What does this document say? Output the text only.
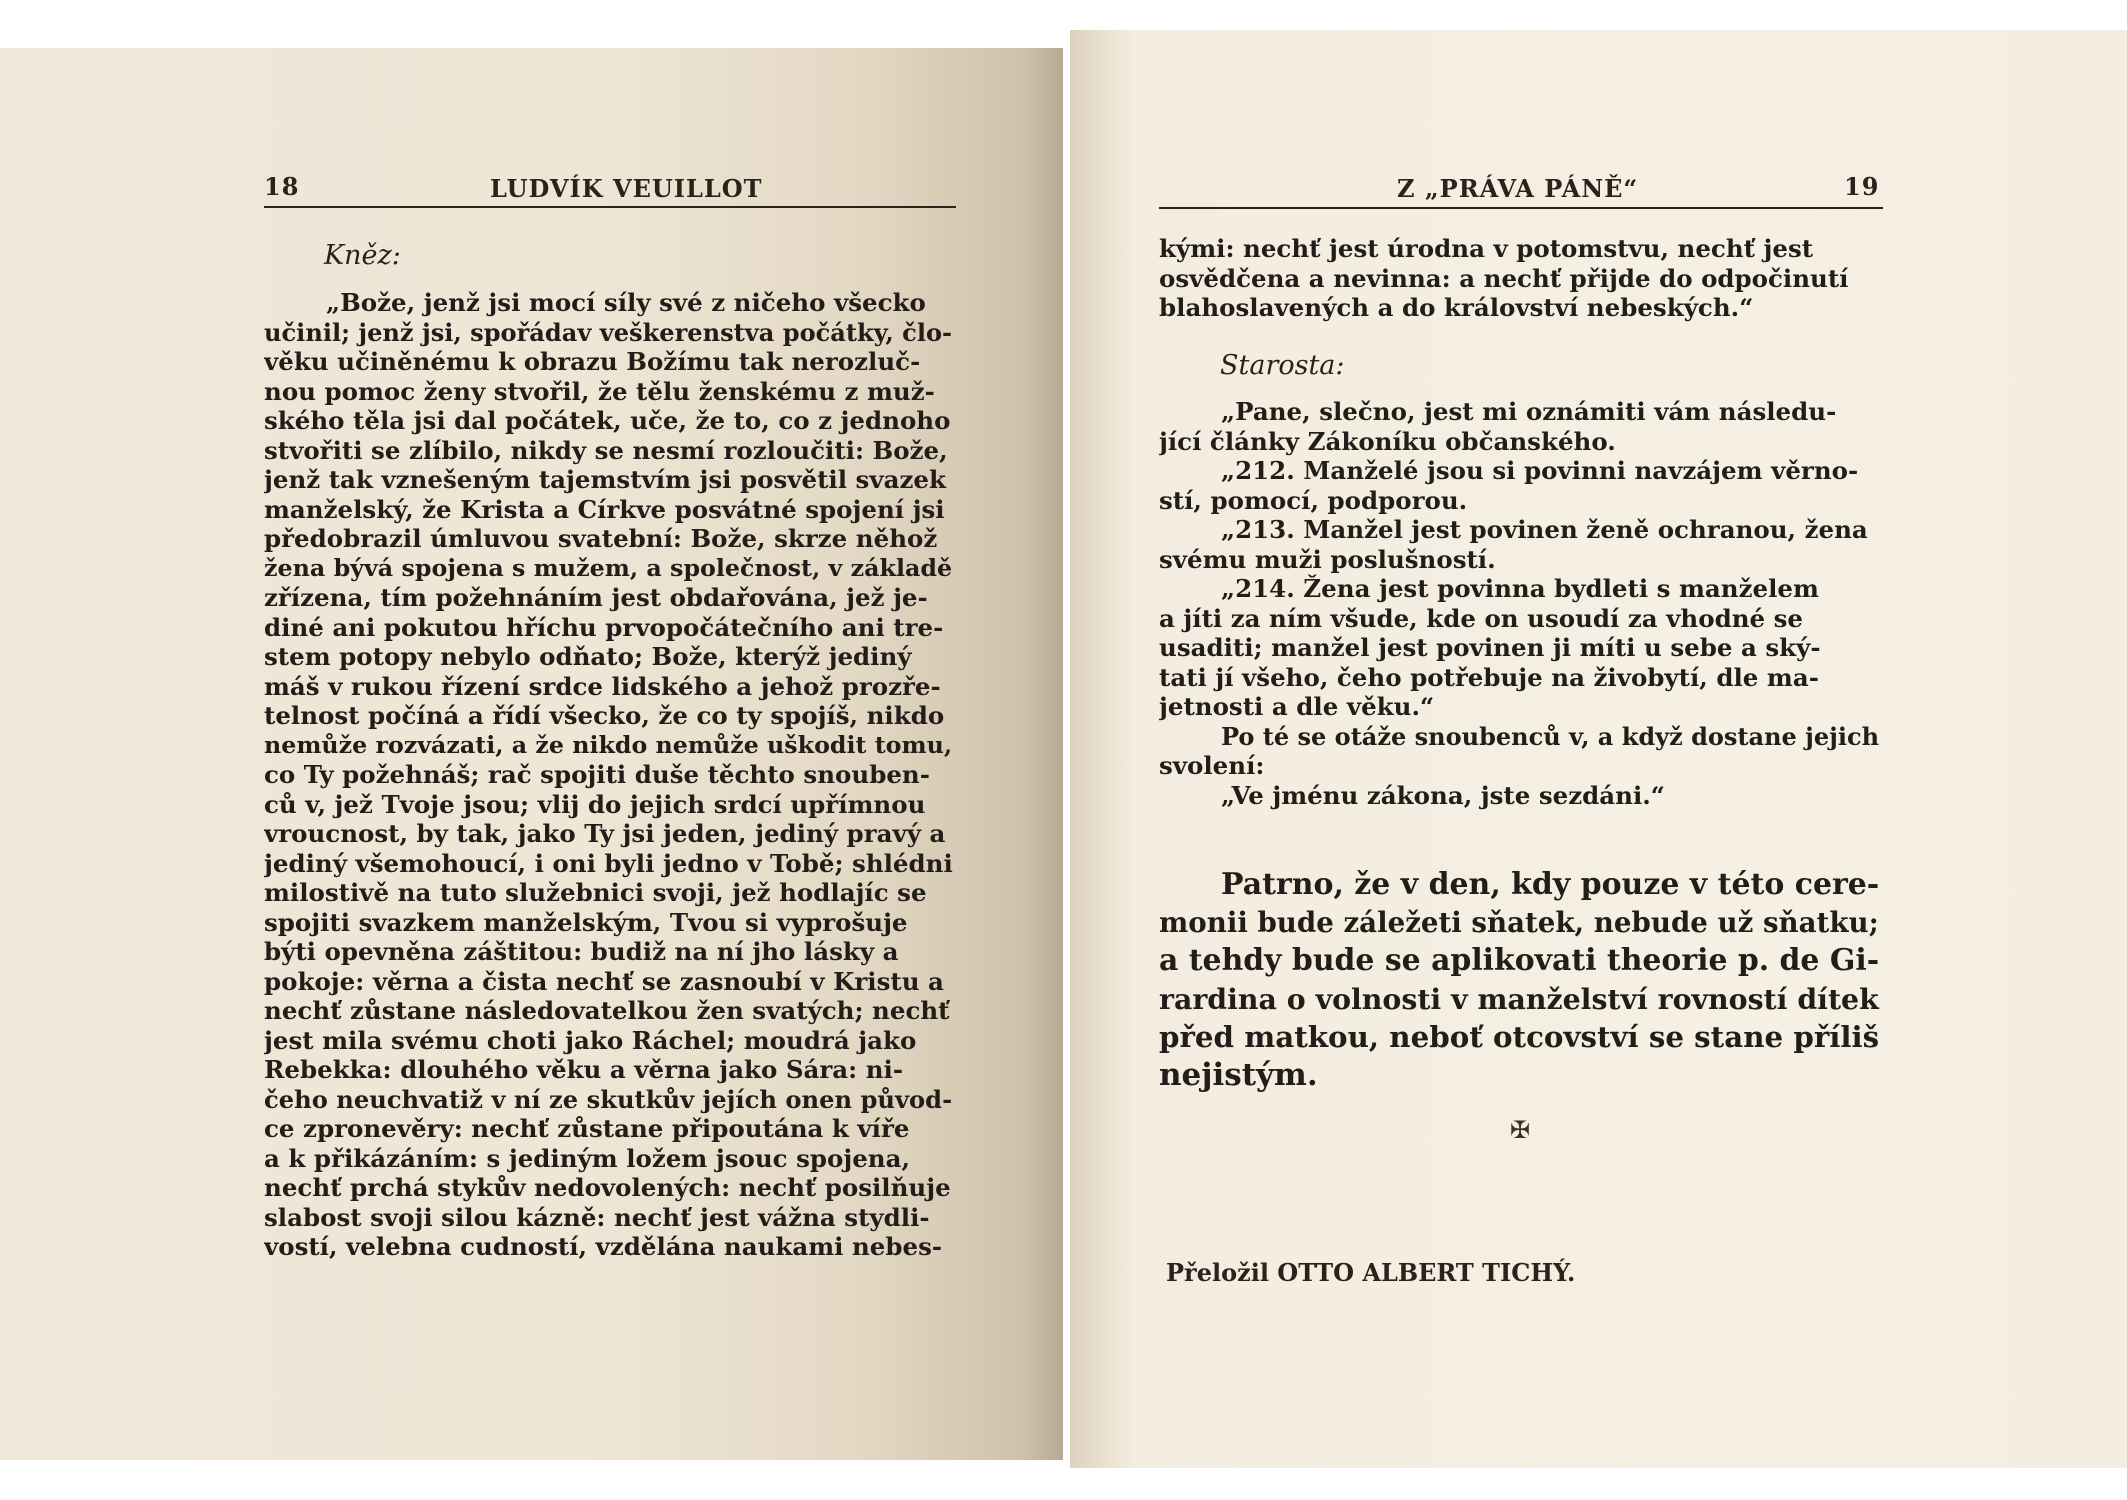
18	LUDVÍK VEUILLOT
Kněz:
„Bože, jenž jsi mocí síly své z ničeho všecko
učinil; jenž jsi, spořádav veškerenstva počátky, člo-
věku učiněnému k obrazu Božímu tak nerozluč-
nou pomoc ženy stvořil, že tělu ženskému z muž-
ského těla jsi dal počátek, uče, že to, co z jednoho
stvořiti se zlíbilo, nikdy se nesmí rozloučiti: Bože,
jenž tak vznešeným tajemstvím jsi posvětil svazek
manželský, že Krista a Církve posvátné spojení jsi
předobrazil úmluvou svatební: Bože, skrze něhož
žena bývá spojena s mužem, a společnost, v základě
zřízena, tím požehnáním jest obdařována, jež je-
diné ani pokutou hříchu prvopočátečního ani tre-
stem potopy nebylo odňato; Bože, kterýž jediný
máš v rukou řízení srdce lidského a jehož prozře-
telnost počíná a řídí všecko, že co ty spojíš, nikdo
nemůže rozvázati, a že nikdo nemůže uškodit tomu,
co Ty požehnáš; rač spojiti duše těchto snouben-
ců v, jež Tvoje jsou; vlij do jejich srdcí upřímnou
vroucnost, by tak, jako Ty jsi jeden, jediný pravý a
jediný všemohoucí, i oni byli jedno v Tobě; shlédni
milostivě na tuto služebnici svoji, jež hodlajíc se
spojiti svazkem manželským, Tvou si vyprošuje
býti opevněna záštitou: budiž na ní jho lásky a
pokoje: věrna a čista nechť se zasnoubí v Kristu a
nechť zůstane následovatelkou žen svatých; nechť
jest mila svému choti jako Ráchel; moudrá jako
Rebekka: dlouhého věku a věrna jako Sára: ni-
čeho neuchvatiž v ní ze skutkův jejích onen původ-
ce zpronevěry: nechť zůstane připoutána k víře
a k přikázáním: s jediným ložem jsouc spojena,
nechť prchá stykův nedovolených: nechť posilňuje
slabost svoji silou kázně: nechť jest vážna stydli-
vostí, velebna cudností, vzdělána naukami nebes-
Z „PRÁVA PÁNĚ“	19
kými: nechť jest úrodna v potomstvu, nechť jest
osvědčena a nevinna: a nechť přijde do odpočinutí
blahoslavených a do království nebeských.“
Starosta:
„Pane, slečno, jest mi oznámiti vám následu-
jící články Zákoníku občanského.
„212. Manželé jsou si povinni navzájem věrno-
stí, pomocí, podporou.
„213. Manžel jest povinen ženě ochranou, žena
svému muži poslušností.
„214. Žena jest povinna bydleti s manželem
a jíti za ním všude, kde on usoudí za vhodné se
usaditi; manžel jest povinen ji míti u sebe a ský-
tati jí všeho, čeho potřebuje na živobytí, dle ma-
jetnosti a dle věku.“
Po té se otáže snoubenců v, a když dostane jejich
svolení:
„Ve jménu zákona, jste sezdáni.“
Patrno, že v den, kdy pouze v této cere-
monii bude záležeti sňatek, nebude už sňatku;
a tehdy bude se aplikovati theorie p. de Gi-
rardina o volnosti v manželství rovností dítek
před matkou, neboť otcovství se stane příliš
nejistým.
✠
Přeložil OTTO ALBERT TICHÝ.
